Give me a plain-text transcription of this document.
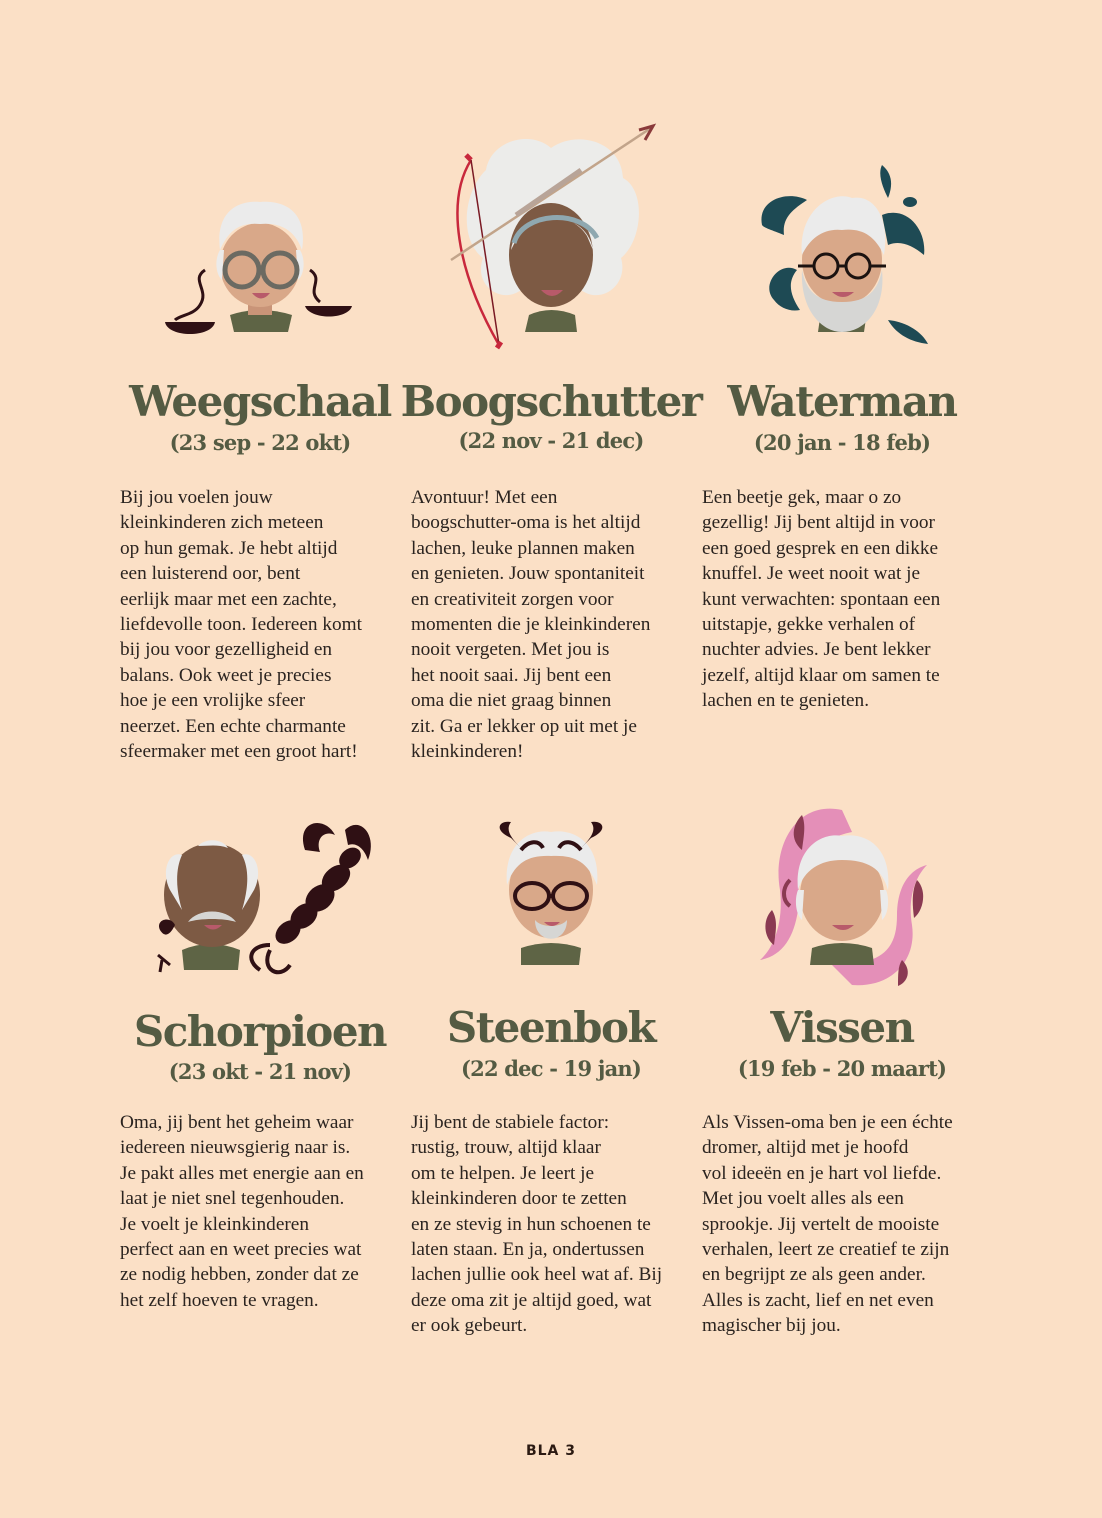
Weegschaal
(23 sep - 22 okt)

Bij jou voelen jouw
kleinkinderen zich meteen
op hun gemak. Je hebt altijd
een luisterend oor, bent
eerlijk maar met een zachte,
liefdevolle toon. Iedereen komt
bij jou voor gezelligheid en
balans. Ook weet je precies
hoe je een vrolijke sfeer
neerzet. Een echte charmante
sfeermaker met een groot hart!

Boogschutter
(22 nov - 21 dec)

Avontuur! Met een
boogschutter-oma is het altijd
lachen, leuke plannen maken
en genieten. Jouw spontaniteit
en creativiteit zorgen voor
momenten die je kleinkinderen
nooit vergeten. Met jou is
het nooit saai. Jij bent een
oma die niet graag binnen
zit. Ga er lekker op uit met je
kleinkinderen!

Waterman
(20 jan - 18 feb)

Een beetje gek, maar o zo
gezellig! Jij bent altijd in voor
een goed gesprek en een dikke
knuffel. Je weet nooit wat je
kunt verwachten: spontaan een
uitstapje, gekke verhalen of
nuchter advies. Je bent lekker
jezelf, altijd klaar om samen te
lachen en te genieten.

Schorpioen
(23 okt - 21 nov)

Oma, jij bent het geheim waar
iedereen nieuwsgierig naar is.
Je pakt alles met energie aan en
laat je niet snel tegenhouden.
Je voelt je kleinkinderen
perfect aan en weet precies wat
ze nodig hebben, zonder dat ze
het zelf hoeven te vragen.

Steenbok
(22 dec - 19 jan)

Jij bent de stabiele factor:
rustig, trouw, altijd klaar
om te helpen. Je leert je
kleinkinderen door te zetten
en ze stevig in hun schoenen te
laten staan. En ja, ondertussen
lachen jullie ook heel wat af. Bij
deze oma zit je altijd goed, wat
er ook gebeurt.

Vissen
(19 feb - 20 maart)

Als Vissen-oma ben je een échte
dromer, altijd met je hoofd
vol ideeën en je hart vol liefde.
Met jou voelt alles als een
sprookje. Jij vertelt de mooiste
verhalen, leert ze creatief te zijn
en begrijpt ze als geen ander.
Alles is zacht, lief en net even
magischer bij jou.

BLA 3
